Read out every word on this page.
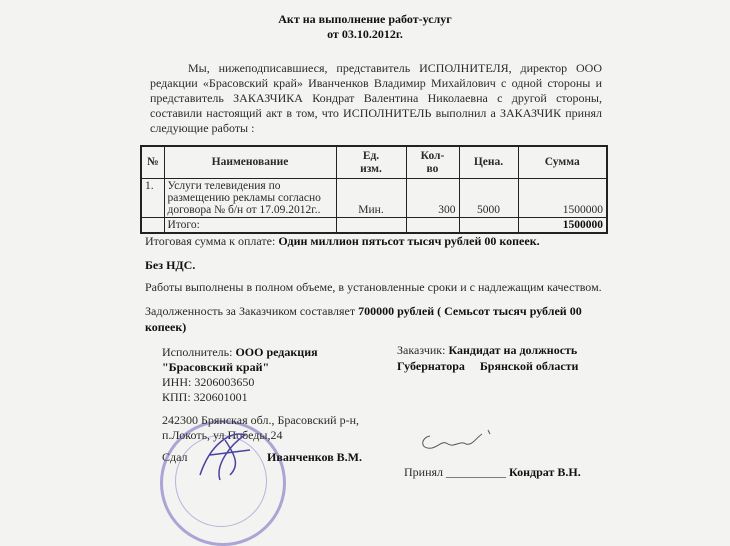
Акт на выполнение работ-услуг
от 03.10.2012г.

Мы, нижеподписавшиеся, представитель ИСПОЛНИТЕЛЯ, директор ООО редакции «Брасовский край» Иванченков Владимир Михайлович с одной стороны и представитель ЗАКАЗЧИКА Кондрат Валентина Николаевна с другой стороны, составили настоящий акт в том, что ИСПОЛНИТЕЛЬ выполнил а ЗАКАЗЧИК принял следующие работы :

№	Наименование	Ед. изм.	Кол-во	Цена.	Сумма
1.	Услуги телевидения по размещению рекламы согласно договора № б/н от 17.09.2012г..	Мин.	300	5000	1500000
	Итого:				1500000
Итоговая сумма к оплате: Один миллион пятьсот тысяч рублей 00 копеек.
Без НДС.
Работы выполнены в полном объеме, в установленные сроки и с надлежащим качеством.
Задолженность за Заказчиком составляет 700000 рублей ( Семьсот тысяч рублей 00
копеек)
Исполнитель: ООО редакция
"Брасовский край"
ИНН: 3206003650
КПП: 320601001
242300 Брянская обл., Брасовский р-н,
п.Локоть, ул.Победы,24
Сдал	Иванченков В.М.
Заказчик: Кандидат на должность
Губернатора     Брянской области

Принял __________ Кондрат В.Н.
